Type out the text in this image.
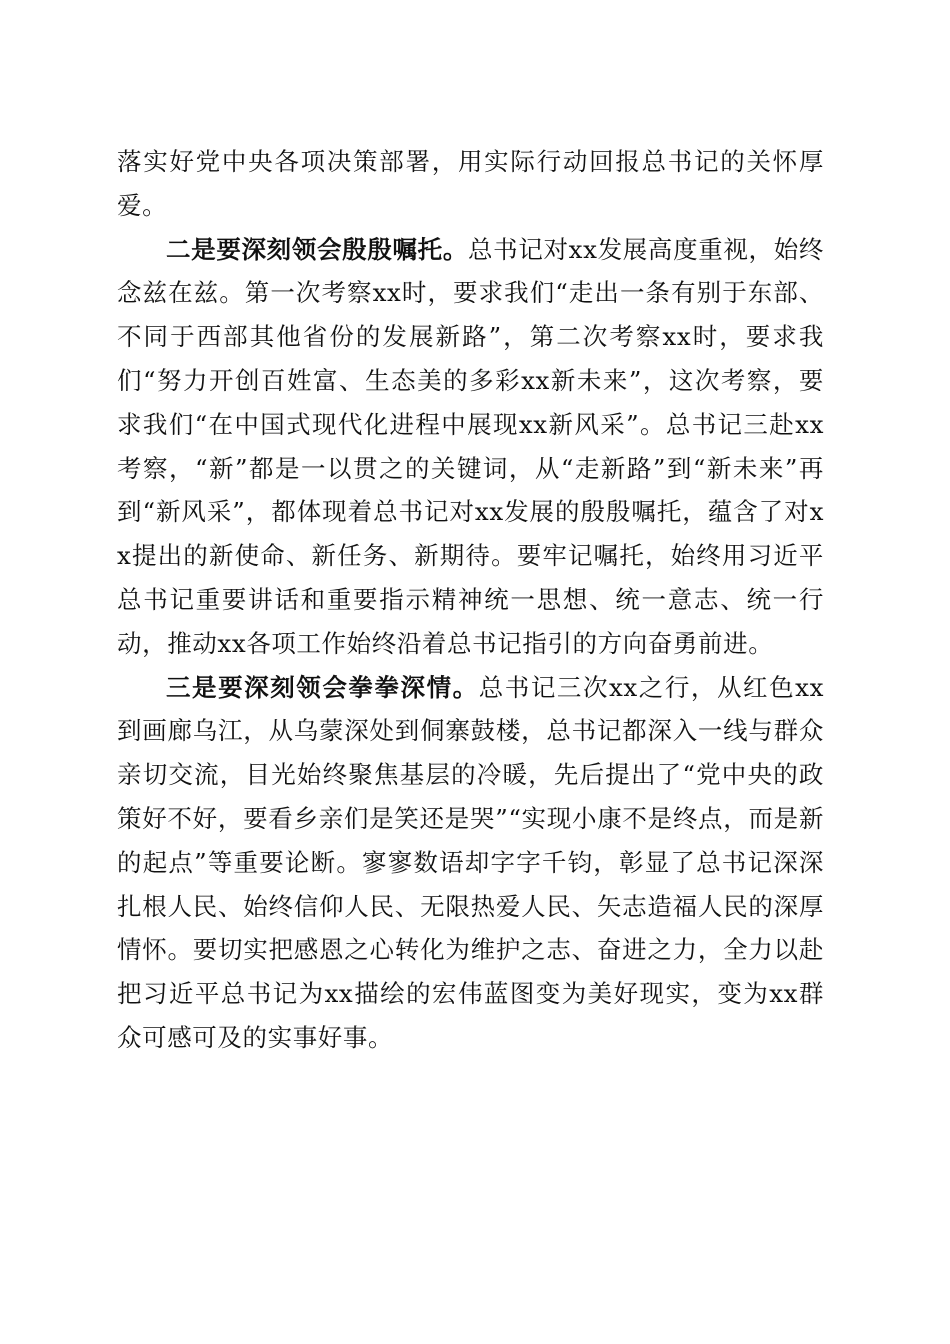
落实好党中央各项决策部署，用实际行动回报总书记的关怀厚爱。

二是要深刻领会殷殷嘱托。总书记对xx发展高度重视，始终念兹在兹。第一次考察xx时，要求我们“走出一条有别于东部、不同于西部其他省份的发展新路”，第二次考察xx时，要求我们“努力开创百姓富、生态美的多彩xx新未来”，这次考察，要求我们“在中国式现代化进程中展现xx新风采”。总书记三赴xx考察，“新”都是一以贯之的关键词，从“走新路”到“新未来”再到“新风采”，都体现着总书记对xx发展的殷殷嘱托，蕴含了对xx提出的新使命、新任务、新期待。要牢记嘱托，始终用习近平总书记重要讲话和重要指示精神统一思想、统一意志、统一行动，推动xx各项工作始终沿着总书记指引的方向奋勇前进。

三是要深刻领会拳拳深情。总书记三次xx之行，从红色xx到画廊乌江，从乌蒙深处到侗寨鼓楼，总书记都深入一线与群众亲切交流，目光始终聚焦基层的冷暖，先后提出了“党中央的政策好不好，要看乡亲们是笑还是哭”“实现小康不是终点，而是新的起点”等重要论断。寥寥数语却字字千钧，彰显了总书记深深扎根人民、始终信仰人民、无限热爱人民、矢志造福人民的深厚情怀。要切实把感恩之心转化为维护之志、奋进之力，全力以赴把习近平总书记为xx描绘的宏伟蓝图变为美好现实，变为xx群众可感可及的实事好事。
